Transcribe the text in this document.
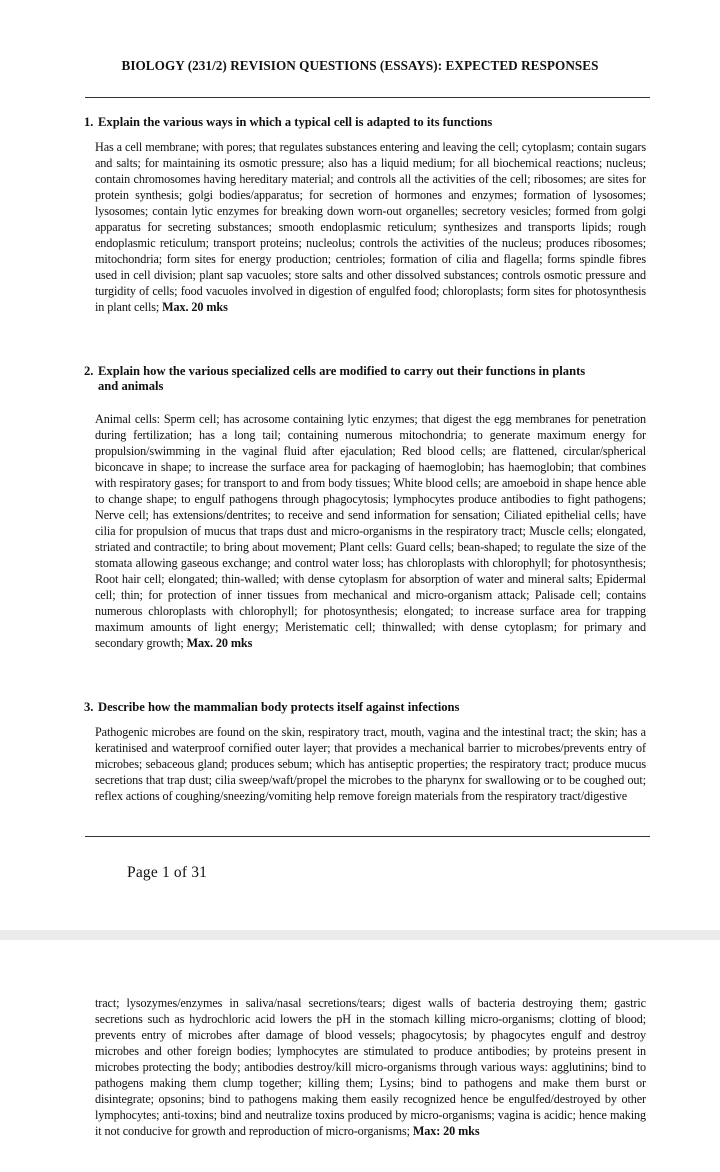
BIOLOGY (231/2) REVISION QUESTIONS (ESSAYS): EXPECTED RESPONSES
1. Explain the various ways in which a typical cell is adapted to its functions
Has a cell membrane; with pores; that regulates substances entering and leaving the cell; cytoplasm; contain sugars and salts; for maintaining its osmotic pressure; also has a liquid medium; for all biochemical reactions; nucleus; contain chromosomes having hereditary material; and controls all the activities of the cell; ribosomes; are sites for protein synthesis; golgi bodies/apparatus; for secretion of hormones and enzymes; formation of lysosomes; lysosomes; contain lytic enzymes for breaking down worn-out organelles; secretory vesicles; formed from golgi apparatus for secreting substances; smooth endoplasmic reticulum; synthesizes and transports lipids; rough endoplasmic reticulum; transport proteins; nucleolus; controls the activities of the nucleus; produces ribosomes; mitochondria; form sites for energy production; centrioles; formation of cilia and flagella; forms spindle fibres used in cell division; plant sap vacuoles; store salts and other dissolved substances; controls osmotic pressure and turgidity of cells; food vacuoles involved in digestion of engulfed food; chloroplasts; form sites for photosynthesis in plant cells; Max. 20 mks
2. Explain how the various specialized cells are modified to carry out their functions in plants
and animals
Animal cells: Sperm cell; has acrosome containing lytic enzymes; that digest the egg membranes for penetration during fertilization; has a long tail; containing numerous mitochondria; to generate maximum energy for propulsion/swimming in the vaginal fluid after ejaculation; Red blood cells; are flattened, circular/spherical biconcave in shape; to increase the surface area for packaging of haemoglobin; has haemoglobin; that combines with respiratory gases; for transport to and from body tissues; White blood cells; are amoeboid in shape hence able to change shape; to engulf pathogens through phagocytosis; lymphocytes produce antibodies to fight pathogens; Nerve cell; has extensions/dentrites; to receive and send information for sensation; Ciliated epithelial cells; have cilia for propulsion of mucus that traps dust and micro-organisms in the respiratory tract; Muscle cells; elongated, striated and contractile; to bring about movement; Plant cells: Guard cells; bean-shaped; to regulate the size of the stomata allowing gaseous exchange; and control water loss; has chloroplasts with chlorophyll; for photosynthesis; Root hair cell; elongated; thin-walled; with dense cytoplasm for absorption of water and mineral salts; Epidermal cell; thin; for protection of inner tissues from mechanical and micro-organism attack; Palisade cell; contains numerous chloroplasts with chlorophyll; for photosynthesis; elongated; to increase surface area for trapping maximum amounts of light energy; Meristematic cell; thinwalled; with dense cytoplasm; for primary and secondary growth; Max. 20 mks
3. Describe how the mammalian body protects itself against infections
Pathogenic microbes are found on the skin, respiratory tract, mouth, vagina and the intestinal tract; the skin; has a keratinised and waterproof cornified outer layer; that provides a mechanical barrier to microbes/prevents entry of microbes; sebaceous gland; produces sebum; which has antiseptic properties; the respiratory tract; produce mucus secretions that trap dust; cilia sweep/waft/propel the microbes to the pharynx for swallowing or to be coughed out; reflex actions of coughing/sneezing/vomiting help remove foreign materials from the respiratory tract/digestive
Page 1 of 31
tract; lysozymes/enzymes in saliva/nasal secretions/tears; digest walls of bacteria destroying them; gastric secretions such as hydrochloric acid lowers the pH in the stomach killing micro-organisms; clotting of blood; prevents entry of microbes after damage of blood vessels; phagocytosis; by phagocytes engulf and destroy microbes and other foreign bodies; lymphocytes are stimulated to produce antibodies; by proteins present in microbes protecting the body; antibodies destroy/kill micro-organisms through various ways: agglutinins; bind to pathogens making them clump together; killing them; Lysins; bind to pathogens and make them burst or disintegrate; opsonins; bind to pathogens making them easily recognized hence be engulfed/destroyed by other lymphocytes; anti-toxins; bind and neutralize toxins produced by micro-organisms; vagina is acidic; hence making it not conducive for growth and reproduction of micro-organisms; Max: 20 mks
